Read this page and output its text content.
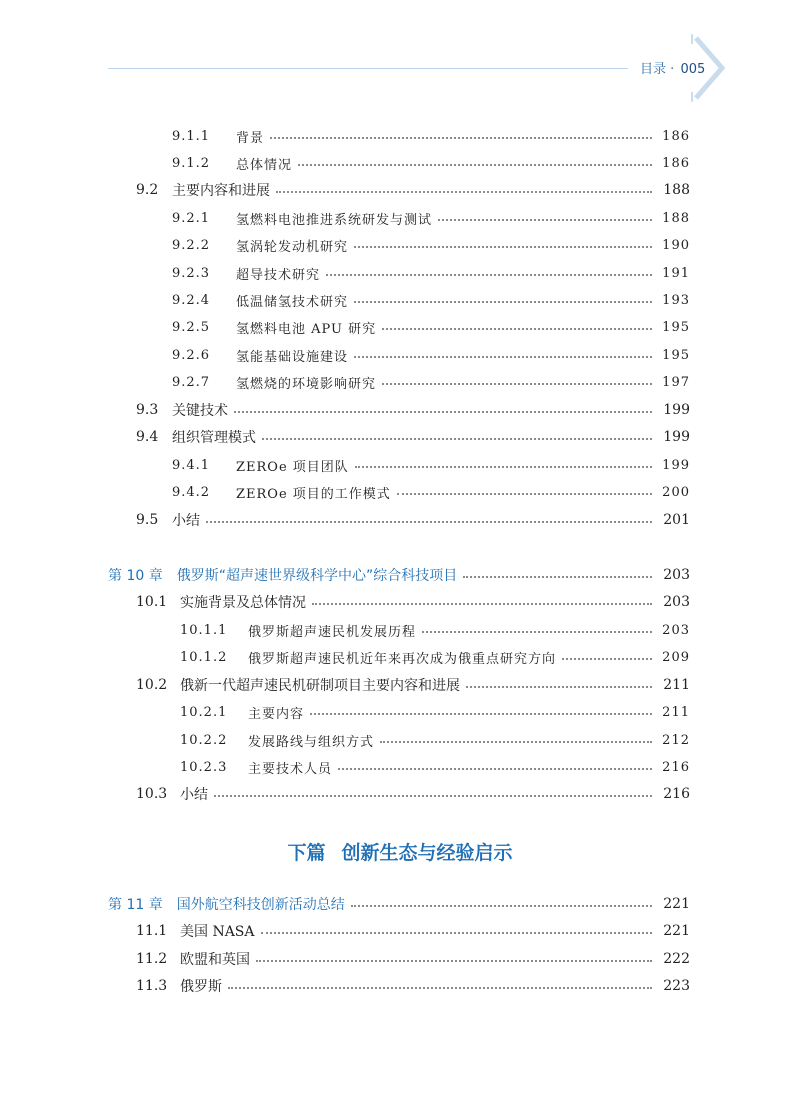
目录 · 005
9.1.1	背景	186
9.1.2	总体情况	186
9.2 主要内容和进展	188
9.2.1	氢燃料电池推进系统研发与测试	188
9.2.2	氢涡轮发动机研究	190
9.2.3	超导技术研究	191
9.2.4	低温储氢技术研究	193
9.2.5	氢燃料电池 APU 研究	195
9.2.6	氢能基础设施建设	195
9.2.7	氢燃烧的环境影响研究	197
9.3 关键技术	199
9.4 组织管理模式	199
9.4.1	ZEROe 项目团队	199
9.4.2	ZEROe 项目的工作模式	200
9.5 小结	201
第 10 章 俄罗斯“超声速世界级科学中心”综合科技项目	203
10.1 实施背景及总体情况	203
10.1.1	俄罗斯超声速民机发展历程	203
10.1.2	俄罗斯超声速民机近年来再次成为俄重点研究方向	209
10.2 俄新一代超声速民机研制项目主要内容和进展	211
10.2.1	主要内容	211
10.2.2	发展路线与组织方式	212
10.2.3	主要技术人员	216
10.3 小结	216
下篇 创新生态与经验启示
第 11 章 国外航空科技创新活动总结	221
11.1 美国 NASA	221
11.2 欧盟和英国	222
11.3 俄罗斯	223
